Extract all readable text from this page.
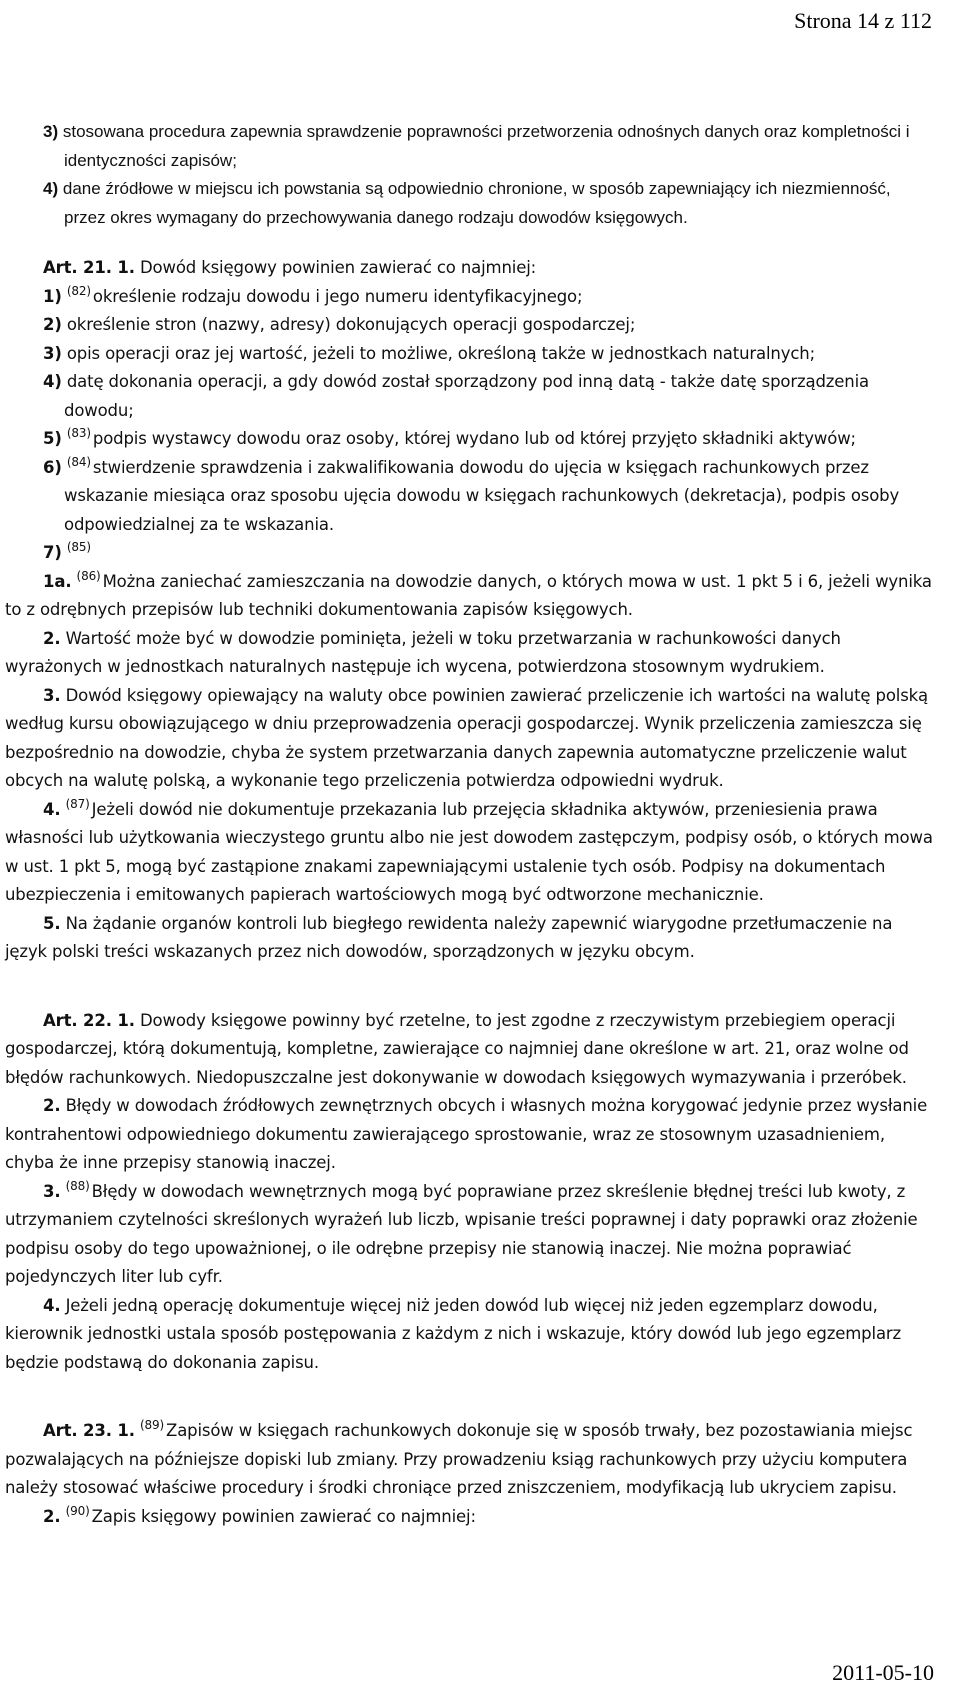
Strona 14 z 112

3) stosowana procedura zapewnia sprawdzenie poprawności przetworzenia odnośnych danych oraz kompletności i identyczności zapisów;

4) dane źródłowe w miejscu ich powstania są odpowiednio chronione, w sposób zapewniający ich niezmienność, przez okres wymagany do przechowywania danego rodzaju dowodów księgowych.

Art. 21. 1. Dowód księgowy powinien zawierać co najmniej:

1) $^{(82)}$ określenie rodzaju dowodu i jego numeru identyfikacyjnego;

2) określenie stron (nazwy, adresy) dokonujących operacji gospodarczej;

3) opis operacji oraz jej wartość, jeżeli to możliwe, określoną także w jednostkach naturalnych;

4) datę dokonania operacji, a gdy dowód został sporządzony pod inną datą - także datę sporządzenia dowodu;

5) $^{(83)}$ podpis wystawcy dowodu oraz osoby, której wydano lub od której przyjęto składniki aktywów;

6) $^{(84)}$ stwierdzenie sprawdzenia i zakwalifikowania dowodu do ujęcia w księgach rachunkowych przez wskazanie miesiąca oraz sposobu ujęcia dowodu w księgach rachunkowych (dekretacja), podpis osoby odpowiedzialnej za te wskazania.

7) $^{(85)}$

1a. $^{(86)}$ Można zaniechać zamieszczania na dowodzie danych, o których mowa w ust. 1 pkt 5 i 6, jeżeli wynika to z odrębnych przepisów lub techniki dokumentowania zapisów księgowych.

2. Wartość może być w dowodzie pominięta, jeżeli w toku przetwarzania w rachunkowości danych wyrażonych w jednostkach naturalnych następuje ich wycena, potwierdzona stosownym wydrukiem.

3. Dowód księgowy opiewający na waluty obce powinien zawierać przeliczenie ich wartości na walutę polską według kursu obowiązującego w dniu przeprowadzenia operacji gospodarczej. Wynik przeliczenia zamieszcza się bezpośrednio na dowodzie, chyba że system przetwarzania danych zapewnia automatyczne przeliczenie walut obcych na walutę polską, a wykonanie tego przeliczenia potwierdza odpowiedni wydruk.

4. $^{(87)}$ Jeżeli dowód nie dokumentuje przekazania lub przejęcia składnika aktywów, przeniesienia prawa własności lub użytkowania wieczystego gruntu albo nie jest dowodem zastępczym, podpisy osób, o których mowa w ust. 1 pkt 5, mogą być zastąpione znakami zapewniającymi ustalenie tych osób. Podpisy na dokumentach ubezpieczenia i emitowanych papierach wartościowych mogą być odtworzone mechanicznie.

5. Na żądanie organów kontroli lub biegłego rewidenta należy zapewnić wiarygodne przetłumaczenie na język polski treści wskazanych przez nich dowodów, sporządzonych w języku obcym.

Art. 22. 1. Dowody księgowe powinny być rzetelne, to jest zgodne z rzeczywistym przebiegiem operacji gospodarczej, którą dokumentują, kompletne, zawierające co najmniej dane określone w art. 21, oraz wolne od błędów rachunkowych. Niedopuszczalne jest dokonywanie w dowodach księgowych wymazywania i przeróbek.

2. Błędy w dowodach źródłowych zewnętrznych obcych i własnych można korygować jedynie przez wysłanie kontrahentowi odpowiedniego dokumentu zawierającego sprostowanie, wraz ze stosownym uzasadnieniem, chyba że inne przepisy stanowią inaczej.

3. $^{(88)}$ Błędy w dowodach wewnętrznych mogą być poprawiane przez skreślenie błędnej treści lub kwoty, z utrzymaniem czytelności skreślonych wyrażeń lub liczb, wpisanie treści poprawnej i daty poprawki oraz złożenie podpisu osoby do tego upoważnionej, o ile odrębne przepisy nie stanowią inaczej. Nie można poprawiać pojedynczych liter lub cyfr.

4. Jeżeli jedną operację dokumentuje więcej niż jeden dowód lub więcej niż jeden egzemplarz dowodu, kierownik jednostki ustala sposób postępowania z każdym z nich i wskazuje, który dowód lub jego egzemplarz będzie podstawą do dokonania zapisu.

Art. 23. 1. $^{(89)}$ Zapisów w księgach rachunkowych dokonuje się w sposób trwały, bez pozostawiania miejsc pozwalających na późniejsze dopiski lub zmiany. Przy prowadzeniu ksiąg rachunkowych przy użyciu komputera należy stosować właściwe procedury i środki chroniące przed zniszczeniem, modyfikacją lub ukryciem zapisu.

2. $^{(90)}$ Zapis księgowy powinien zawierać co najmniej:

2011-05-10
